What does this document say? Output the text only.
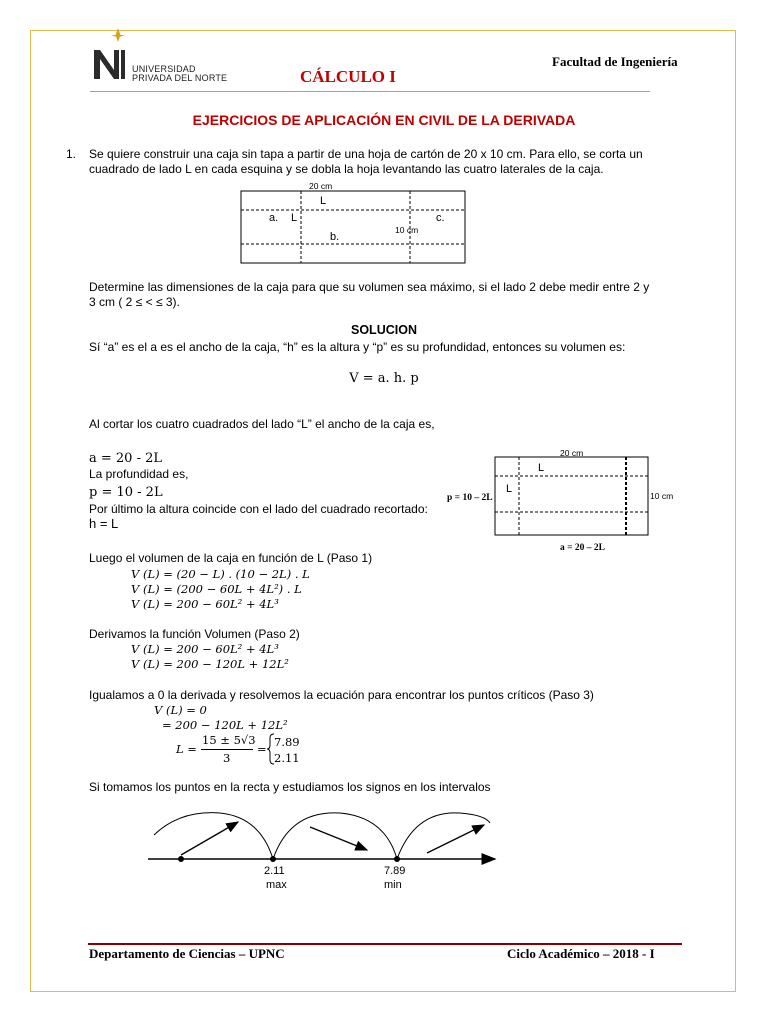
UNIVERSIDAD
PRIVADA DEL NORTE
Facultad de Ingeniería
CÁLCULO I
EJERCICIOS DE APLICACIÓN EN CIVIL DE LA DERIVADA
1. Se quiere construir una caja sin tapa a partir de una hoja de cartón de 20 x 10 cm. Para ello, se corta un
cuadrado de lado L en cada esquina y se dobla la hoja levantando las cuatro laterales de la caja.
20 cm
L
a. L
b.
c.
10 cm
Determine las dimensiones de la caja para que su volumen sea máximo, si el lado 2 debe medir entre 2 y
3 cm ( 2 ≤ < ≤ 3).
SOLUCION
Sí “a” es el a es el ancho de la caja, “h” es la altura y “p” es su profundidad, entonces su volumen es:
V = a. h. p
Al cortar los cuatro cuadrados del lado “L” el ancho de la caja es,
a = 20 - 2L
La profundidad es,
p = 10 - 2L
Por último la altura coincide con el lado del cuadrado recortado:
h = L
20 cm
L
L
10 cm
p = 10 – 2L
a = 20 – 2L
Luego el volumen de la caja en función de L (Paso 1)
V (L) = (20 − L) . (10 − 2L) . L
V (L) = (200 − 60L + 4L²) . L
V (L) = 200 − 60L² + 4L³
Derivamos la función Volumen (Paso 2)
V (L) = 200 − 60L² + 4L³
V (L) = 200 − 120L + 12L²
Igualamos a 0 la derivada y resolvemos la ecuación para encontrar los puntos críticos (Paso 3)
V (L) = 0
= 200 − 120L + 12L²
L =
15 ± 5√3
3
= 7.89
2.11
Si tomamos los puntos en la recta y estudiamos los signos en los intervalos
2.11
max
7.89
min
Departamento de Ciencias – UPNC	Ciclo Académico – 2018 - I
